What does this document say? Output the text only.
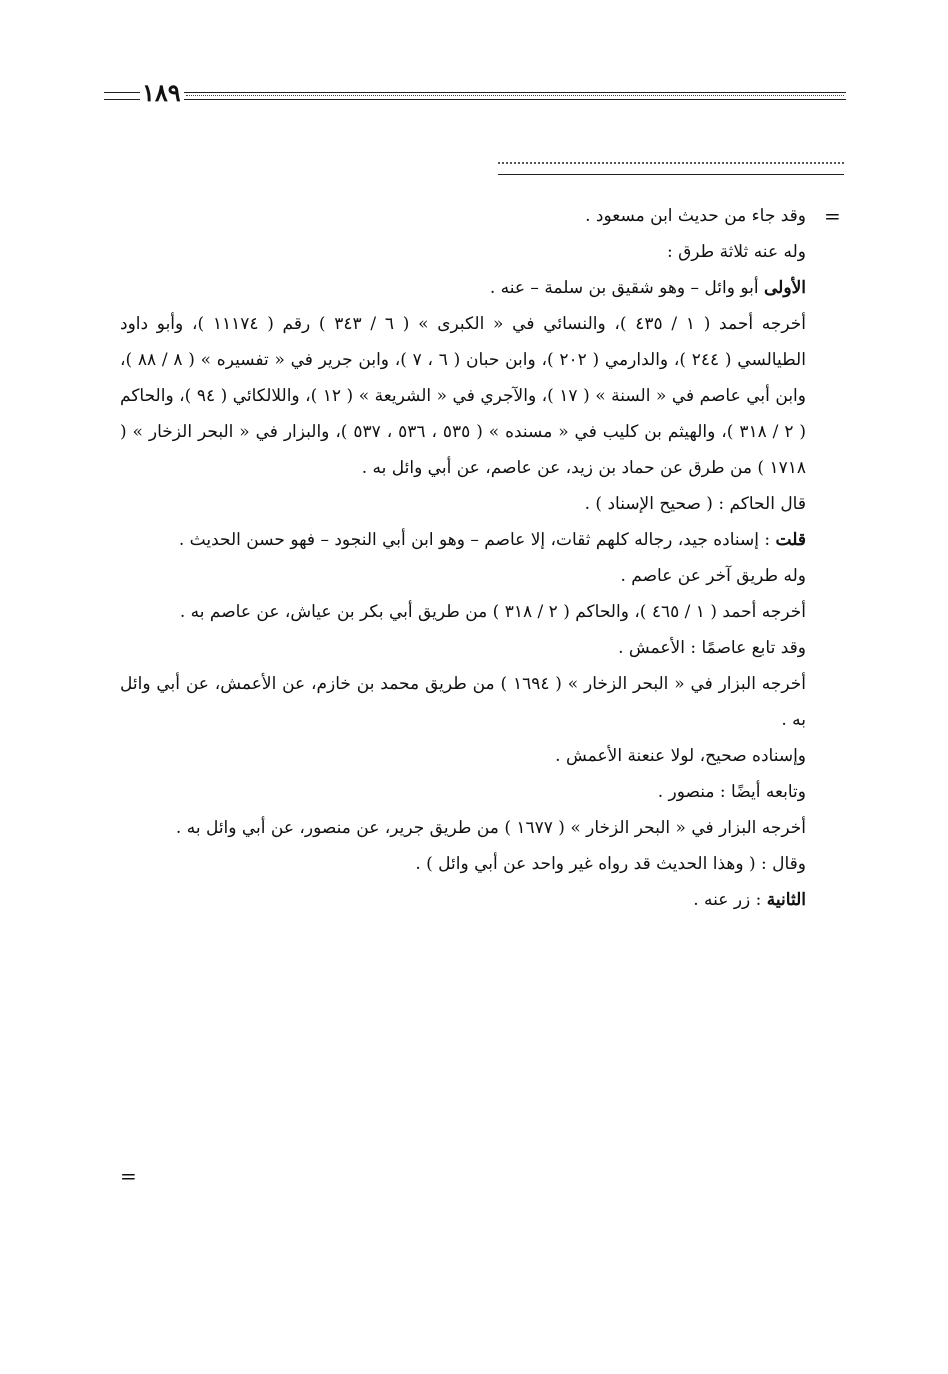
١٨٩
=

وقد جاء من حديث ابن مسعود .

وله عنه ثلاثة طرق :

الأولى أبو وائل – وهو شقيق بن سلمة – عنه .

أخرجه أحمد ( ١ / ٤٣٥ )، والنسائي في « الكبرى » ( ٦ / ٣٤٣ ) رقم ( ١١١٧٤ )، وأبو داود الطيالسي ( ٢٤٤ )، والدارمي ( ٢٠٢ )، وابن حبان ( ٦ ، ٧ )، وابن جرير في « تفسيره » ( ٨ / ٨٨ )، وابن أبي عاصم في « السنة » ( ١٧ )، والآجري في « الشريعة » ( ١٢ )، واللالكائي ( ٩٤ )، والحاكم ( ٢ / ٣١٨ )، والهيثم بن كليب في « مسنده » ( ٥٣٥ ، ٥٣٦ ، ٥٣٧ )، والبزار في « البحر الزخار » ( ١٧١٨ ) من طرق عن حماد بن زيد، عن عاصم، عن أبي وائل به .

قال الحاكم : ( صحيح الإسناد ) .

قلت : إسناده جيد، رجاله كلهم ثقات، إلا عاصم – وهو ابن أبي النجود – فهو حسن الحديث .

وله طريق آخر عن عاصم .

أخرجه أحمد ( ١ / ٤٦٥ )، والحاكم ( ٢ / ٣١٨ ) من طريق أبي بكر بن عياش، عن عاصم به .

وقد تابع عاصمًا : الأعمش .

أخرجه البزار في « البحر الزخار » ( ١٦٩٤ ) من طريق محمد بن خازم، عن الأعمش، عن أبي وائل به .

وإسناده صحيح، لولا عنعنة الأعمش .

وتابعه أيضًا : منصور .

أخرجه البزار في « البحر الزخار » ( ١٦٧٧ ) من طريق جرير، عن منصور، عن أبي وائل به .

وقال : ( وهذا الحديث قد رواه غير واحد عن أبي وائل ) .

الثانية : زر عنه .

=
